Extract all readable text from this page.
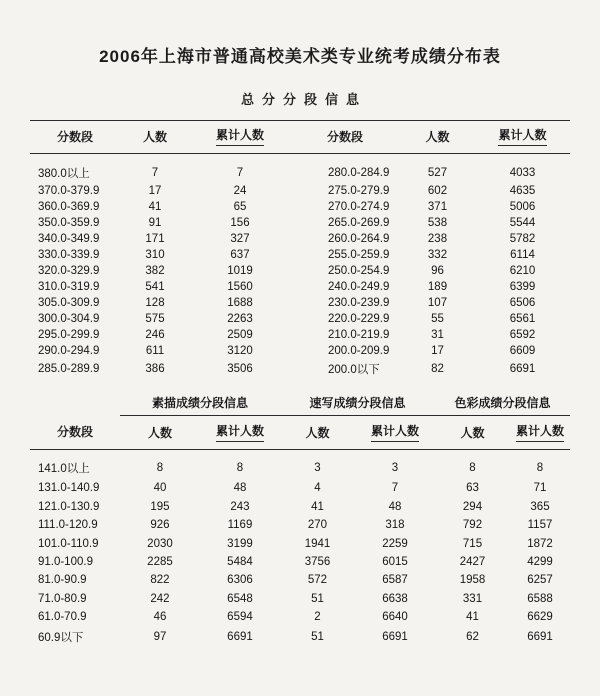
2006年上海市普通高校美术类专业统考成绩分布表
总分分段信息
分数段	人数	累计人数	分数段	人数	累计人数
380.0以上	7	7	280.0-284.9	527	4033
370.0-379.9	17	24	275.0-279.9	602	4635
360.0-369.9	41	65	270.0-274.9	371	5006
350.0-359.9	91	156	265.0-269.9	538	5544
340.0-349.9	171	327	260.0-264.9	238	5782
330.0-339.9	310	637	255.0-259.9	332	6114
320.0-329.9	382	1019	250.0-254.9	96	6210
310.0-319.9	541	1560	240.0-249.9	189	6399
305.0-309.9	128	1688	230.0-239.9	107	6506
300.0-304.9	575	2263	220.0-229.9	55	6561
295.0-299.9	246	2509	210.0-219.9	31	6592
290.0-294.9	611	3120	200.0-209.9	17	6609
285.0-289.9	386	3506	200.0以下	82	6691
	素描成绩分段信息		速写成绩分段信息		色彩成绩分段信息	
分数段	人数	累计人数	人数	累计人数	人数	累计人数
141.0以上	8	8	3	3	8	8
131.0-140.9	40	48	4	7	63	71
121.0-130.9	195	243	41	48	294	365
111.0-120.9	926	1169	270	318	792	1157
101.0-110.9	2030	3199	1941	2259	715	1872
91.0-100.9	2285	5484	3756	6015	2427	4299
81.0-90.9	822	6306	572	6587	1958	6257
71.0-80.9	242	6548	51	6638	331	6588
61.0-70.9	46	6594	2	6640	41	6629
60.9以下	97	6691	51	6691	62	6691
